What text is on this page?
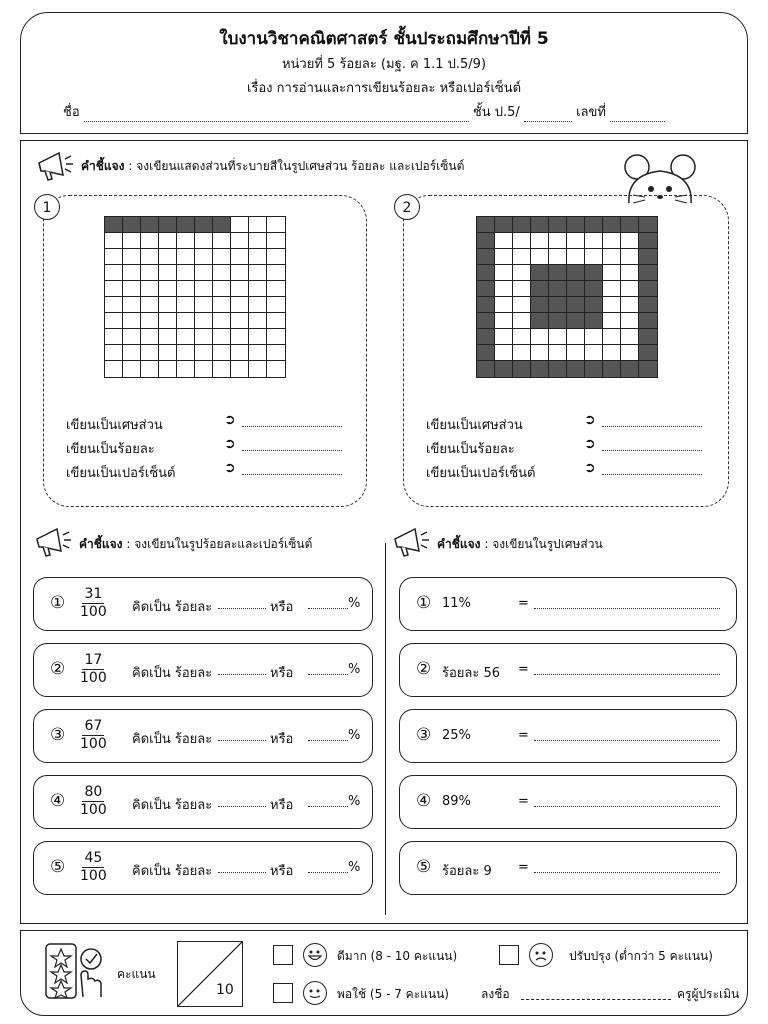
ใบงานวิชาคณิตศาสตร์ ชั้นประถมศึกษาปีที่ 5
หน่วยที่ 5 ร้อยละ (มฐ. ค 1.1 ป.5/9)
เรื่อง การอ่านและการเขียนร้อยละ หรือเปอร์เซ็นต์
ชื่อ	ชั้น ป.5/	เลขที่
คำชี้แจง : จงเขียนแสดงส่วนที่ระบายสีในรูปเศษส่วน ร้อยละ และเปอร์เซ็นต์
1
เขียนเป็นเศษส่วน	➲
เขียนเป็นร้อยละ	➲
เขียนเป็นเปอร์เซ็นต์	➲
2
เขียนเป็นเศษส่วน	➲
เขียนเป็นร้อยละ	➲
เขียนเป็นเปอร์เซ็นต์	➲
คำชี้แจง : จงเขียนในรูปร้อยละและเปอร์เซ็นต์	คำชี้แจง : จงเขียนในรูปเศษส่วน
① $\frac{31}{100}$ คิดเป็น ร้อยละ	หรือ	%
② $\frac{17}{100}$ คิดเป็น ร้อยละ	หรือ	%
③ $\frac{67}{100}$ คิดเป็น ร้อยละ	หรือ	%
④ $\frac{80}{100}$ คิดเป็น ร้อยละ	หรือ	%
⑤ $\frac{45}{100}$ คิดเป็น ร้อยละ	หรือ	%
① 11%	=
② ร้อยละ 56 =
③ 25%	=
④ 89%	=
⑤ ร้อยละ 9 =
คะแนน
10
ดีมาก (8 - 10 คะแนน)	ปรับปรุง (ต่ำกว่า 5 คะแนน)
พอใช้ (5 - 7 คะแนน)	ลงชื่อ	ครูผู้ประเมิน
